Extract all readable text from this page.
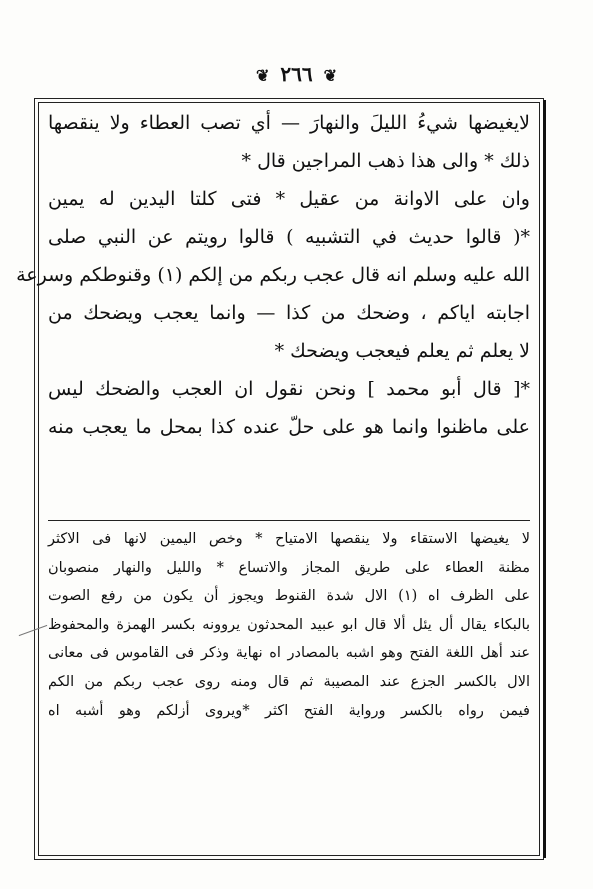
❦ ٢٦٦ ❦
لايغيضها شيءُ الليلَ والنهارَ — أي تصب العطاء ولا ينقصها
ذلك * والى هذا ذهب المراجين قال *
وان على الاوانة من عقيل * فتى كلتا اليدين له يمين
*( قالوا حديث في التشبيه ) قالوا رويتم عن النبي صلى
الله عليه وسلم انه قال عجب ربكم من إلكم (١) وقنوطكم وسرعة
اجابته اياكم ، وضحك من كذا — وانما يعجب ويضحك من
لا يعلم ثم يعلم فيعجب ويضحك *
*[ قال أبو محمد ] ونحن نقول ان العجب والضحك ليس
على ماظنوا وانما هو على حلّ عنده كذا بمحل ما يعجب منه
لا يغيضها الاستقاء ولا ينقصها الامتياح * وخص اليمين لانها فى الاكثر
مظنة العطاء على طريق المجاز والاتساع * والليل والنهار منصوبان
على الظرف اه (١) الال شدة القنوط ويجوز أن يكون من رفع الصوت
بالبكاء يقال أل يئل ألا قال ابو عبيد المحدثون يروونه بكسر الهمزة والمحفوظ
عند أهل اللغة الفتح وهو اشبه بالمصادر اه نهاية وذكر فى القاموس فى معانى
الال بالكسر الجزع عند المصيبة ثم قال ومنه روى عجب ربكم من الكم
فيمن رواه بالكسر ورواية الفتح اكثر *ويروى أزلكم وهو أشبه اه
